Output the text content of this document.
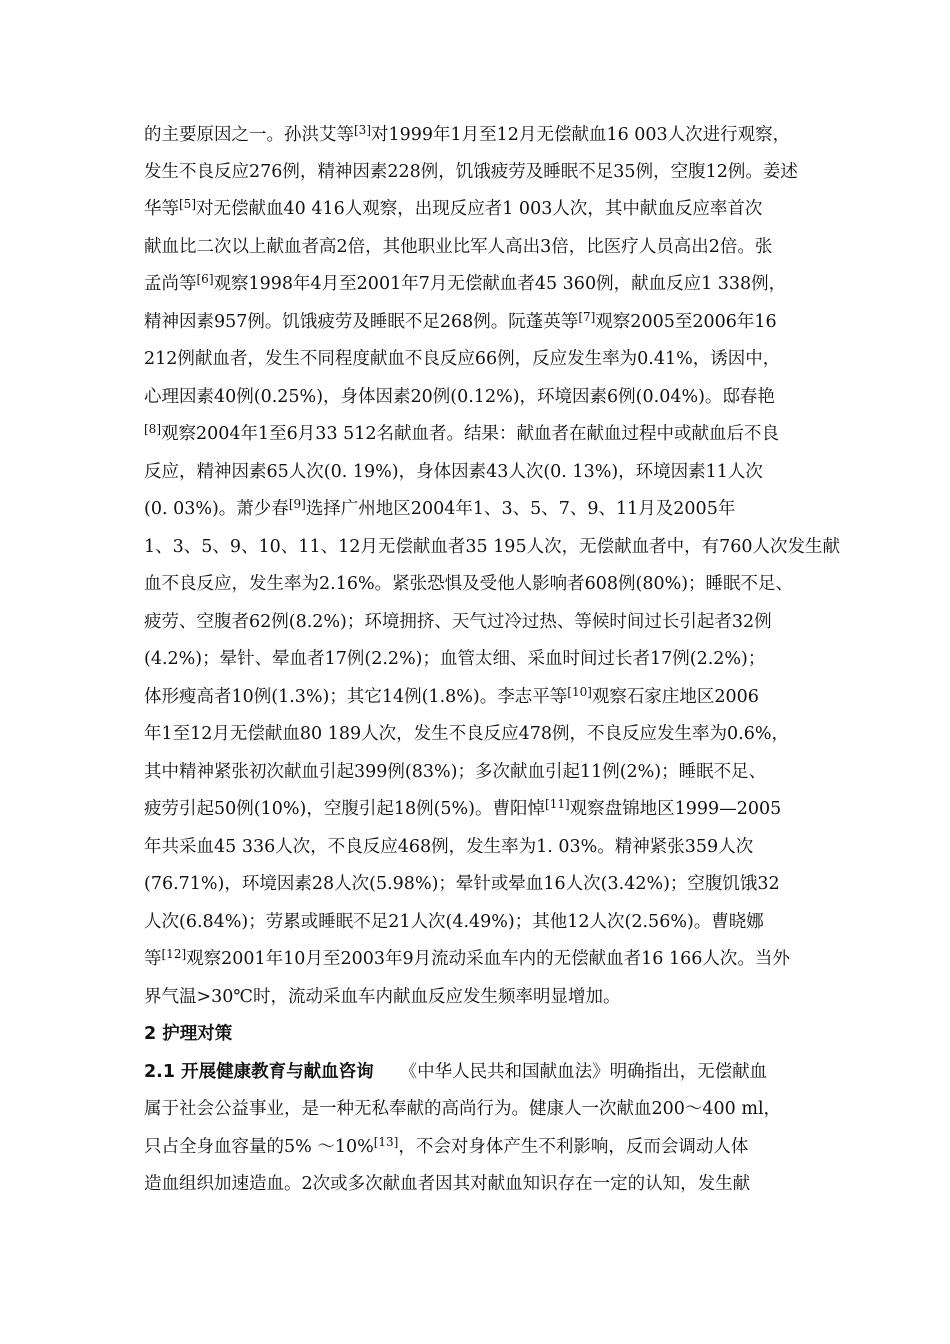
的主要原因之一。孙洪艾等[3]对1999年1月至12月无偿献血16 003人次进行观察，
发生不良反应276例，精神因素228例，饥饿疲劳及睡眠不足35例，空腹12例。姜述
华等[5]对无偿献血40 416人观察，出现反应者1 003人次，其中献血反应率首次
献血比二次以上献血者高2倍，其他职业比军人高出3倍，比医疗人员高出2倍。张
孟尚等[6]观察1998年4月至2001年7月无偿献血者45 360例，献血反应1 338例，
精神因素957例。饥饿疲劳及睡眠不足268例。阮蓬英等[7]观察2005至2006年16
212例献血者，发生不同程度献血不良反应66例，反应发生率为0.41%，诱因中，
心理因素40例(0.25%)，身体因素20例(0.12%)，环境因素6例(0.04%)。邸春艳
[8]观察2004年1至6月33 512名献血者。结果：献血者在献血过程中或献血后不良
反应，精神因素65人次(0. 19%)，身体因素43人次(0. 13%)，环境因素11人次
(0. 03%)。萧少春[9]选择广州地区2004年1、3、5、7、9、11月及2005年
1、3、5、9、10、11、12月无偿献血者35 195人次，无偿献血者中，有760人次发生献
血不良反应，发生率为2.16%。紧张恐惧及受他人影响者608例(80%)；睡眠不足、
疲劳、空腹者62例(8.2%)；环境拥挤、天气过冷过热、等候时间过长引起者32例
(4.2%)；晕针、晕血者17例(2.2%)；血管太细、采血时间过长者17例(2.2%)；
体形瘦高者10例(1.3%)；其它14例(1.8%)。李志平等[10]观察石家庄地区2006
年1至12月无偿献血80 189人次，发生不良反应478例，不良反应发生率为0.6%，
其中精神紧张初次献血引起399例(83%)；多次献血引起11例(2%)；睡眠不足、
疲劳引起50例(10%)，空腹引起18例(5%)。曹阳悼[11]观察盘锦地区1999—2005
年共采血45 336人次，不良反应468例，发生率为1. 03%。精神紧张359人次
(76.71%)，环境因素28人次(5.98%)；晕针或晕血16人次(3.42%)；空腹饥饿32
人次(6.84%)；劳累或睡眠不足21人次(4.49%)；其他12人次(2.56%)。曹晓娜
等[12]观察2001年10月至2003年9月流动采血车内的无偿献血者16 166人次。当外
界气温>30℃时，流动采血车内献血反应发生频率明显增加。
2 护理对策
2.1 开展健康教育与献血咨询 《中华人民共和国献血法》明确指出，无偿献血
属于社会公益事业，是一种无私奉献的高尚行为。健康人一次献血200～400 ml，
只占全身血容量的5% ～10%[13]，不会对身体产生不利影响，反而会调动人体
造血组织加速造血。2次或多次献血者因其对献血知识存在一定的认知，发生献
